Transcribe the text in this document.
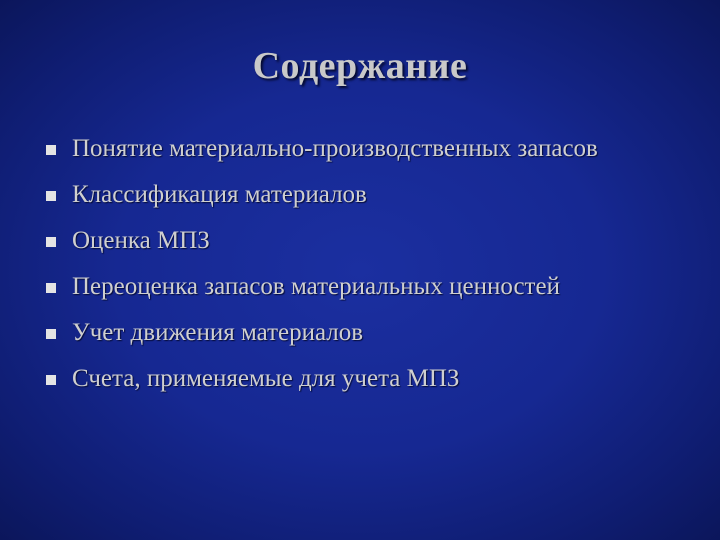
Содержание
Понятие материально-производственных запасов
Классификация материалов
Оценка МПЗ
Переоценка запасов материальных ценностей
Учет движения материалов
Счета, применяемые для учета МПЗ
